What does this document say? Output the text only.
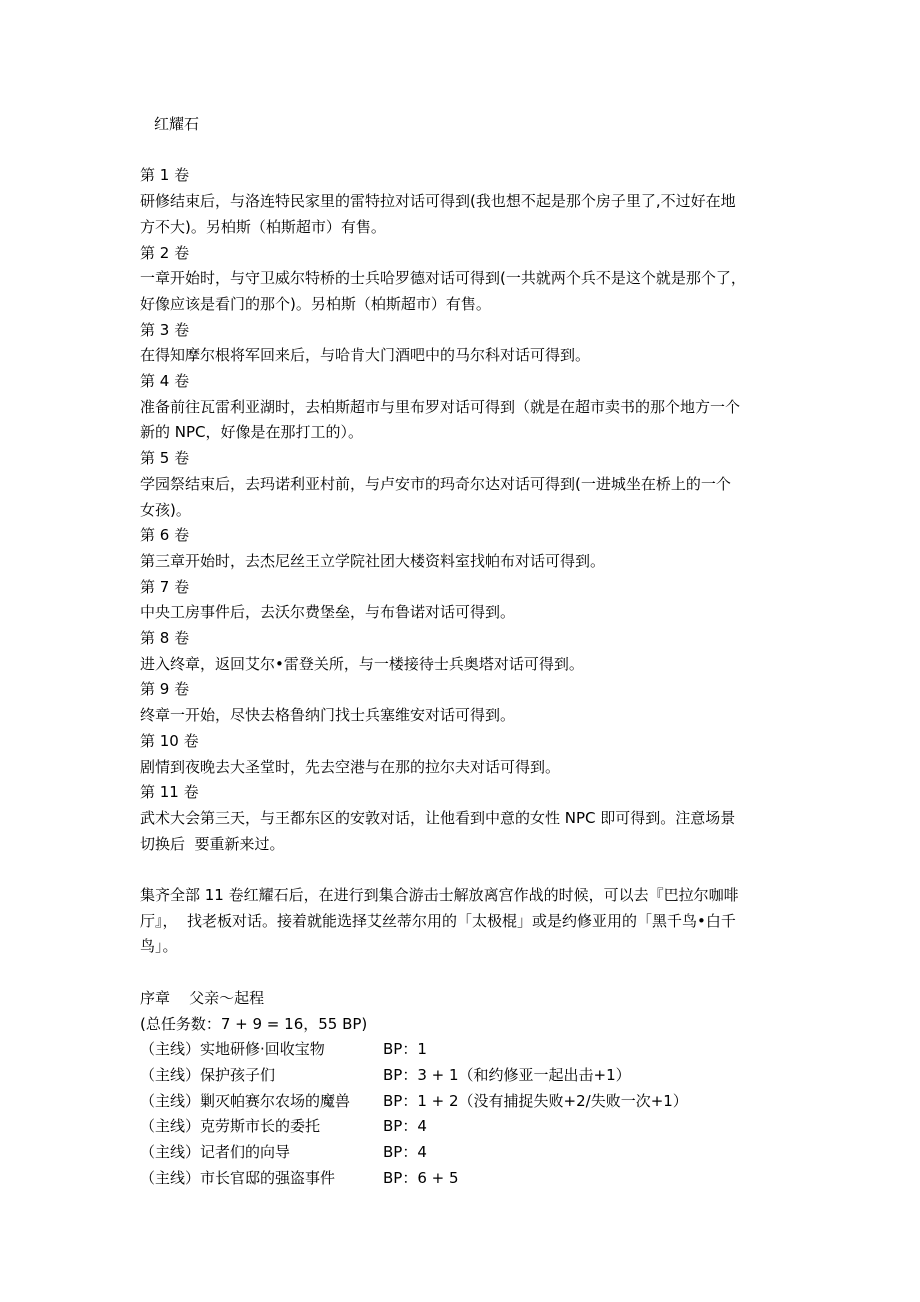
红耀石
第 1 卷
研修结束后，与洛连特民家里的雷特拉对话可得到(我也想不起是那个房子里了,不过好在地
方不大)。另柏斯（柏斯超市）有售。
第 2 卷
一章开始时，与守卫威尔特桥的士兵哈罗德对话可得到(一共就两个兵不是这个就是那个了，
好像应该是看门的那个)。另柏斯（柏斯超市）有售。
第 3 卷
在得知摩尔根将军回来后，与哈肯大门酒吧中的马尔科对话可得到。
第 4 卷
准备前往瓦雷利亚湖时，去柏斯超市与里布罗对话可得到（就是在超市卖书的那个地方一个
新的 NPC，好像是在那打工的）。
第 5 卷
学园祭结束后，去玛诺利亚村前，与卢安市的玛奇尔达对话可得到(一进城坐在桥上的一个
女孩)。
第 6 卷
第三章开始时，去杰尼丝王立学院社团大楼资料室找帕布对话可得到。
第 7 卷
中央工房事件后，去沃尔费堡垒，与布鲁诺对话可得到。
第 8 卷
进入终章，返回艾尔•雷登关所，与一楼接待士兵奥塔对话可得到。
第 9 卷
终章一开始，尽快去格鲁纳门找士兵塞维安对话可得到。
第 10 卷
剧情到夜晚去大圣堂时，先去空港与在那的拉尔夫对话可得到。
第 11 卷
武术大会第三天，与王都东区的安敦对话，让他看到中意的女性 NPC 即可得到。注意场景
切换后  要重新来过。
集齐全部 11 卷红耀石后，在进行到集合游击士解放离宫作战的时候，可以去『巴拉尔咖啡
厅』，  找老板对话。接着就能选择艾丝蒂尔用的「太极棍」或是约修亚用的「黑千鸟•白千
鸟」。
序章    父亲～起程
(总任务数：7 + 9 = 16，55 BP)
（主线）实地研修·回收宝物	BP：1
（主线）保护孩子们	BP：3 + 1（和约修亚一起出击+1）
（主线）剿灭帕赛尔农场的魔兽	BP：1 + 2（没有捕捉失败+2/失败一次+1）
（主线）克劳斯市长的委托	BP：4
（主线）记者们的向导	BP：4
（主线）市长官邸的强盗事件	BP：6 + 5
